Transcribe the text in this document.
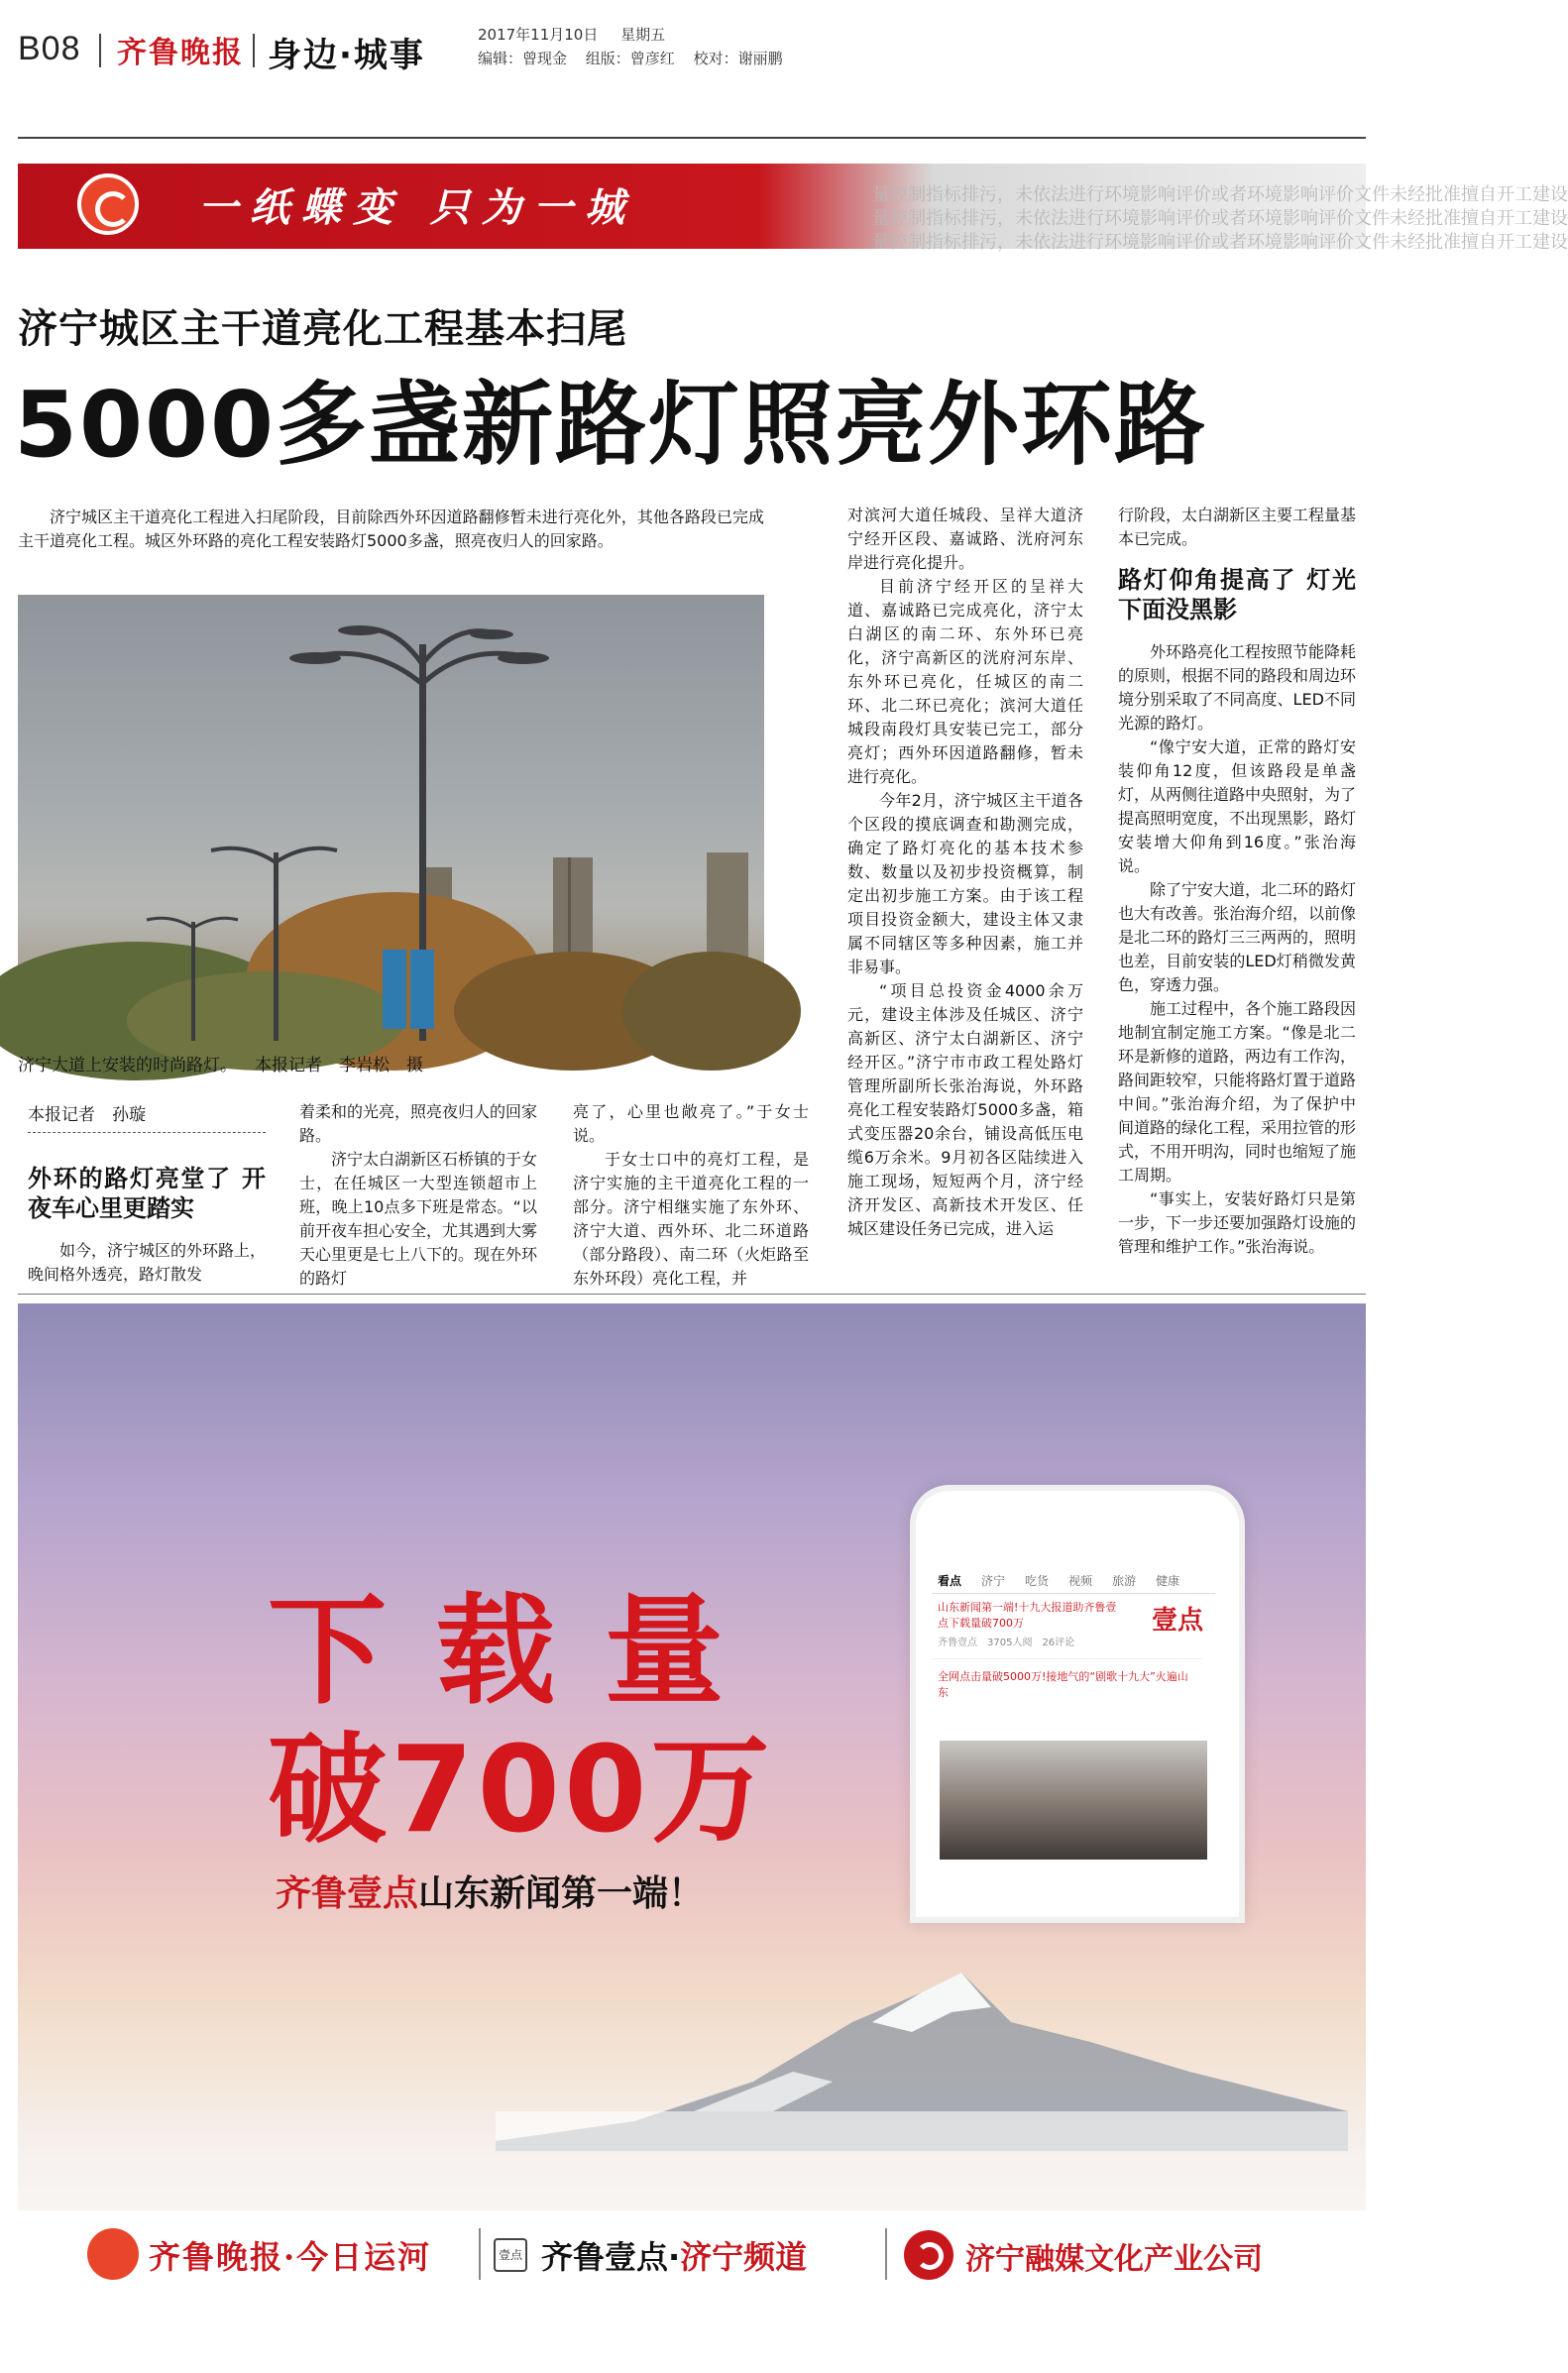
B08 齐鲁晚报 身边·城事
2017年11月10日 星期五
编辑：曾现金 组版：曾彦红 校对：谢丽鹏
量控制指标排污，未依法进行环境影响评价或者环境影响评价文件未经批准擅自开工建设
量控制指标排污，未依法进行环境影响评价或者环境影响评价文件未经批准擅自开工建设
量控制指标排污，未依法进行环境影响评价或者环境影响评价文件未经批准擅自开工建设
一纸蝶变 只为一城
济宁城区主干道亮化工程基本扫尾
5000多盏新路灯照亮外环路

济宁城区主干道亮化工程进入扫尾阶段，目前除西外环因道路翻修暂未进行亮化外，其他各路段已完成主干道亮化工程。城区外环路的亮化工程安装路灯5000多盏，照亮夜归人的回家路。

济宁大道上安装的时尚路灯。 本报记者　李岩松　摄
本报记者　孙璇
外环的路灯亮堂了 开夜车心里更踏实

如今，济宁城区的外环路上，晚间格外透亮，路灯散发

着柔和的光亮，照亮夜归人的回家路。

济宁太白湖新区石桥镇的于女士，在任城区一大型连锁超市上班，晚上10点多下班是常态。“以前开夜车担心安全，尤其遇到大雾天心里更是七上八下的。现在外环的路灯

亮了，心里也敞亮了。”于女士说。

于女士口中的亮灯工程，是济宁实施的主干道亮化工程的一部分。济宁相继实施了东外环、济宁大道、西外环、北二环道路（部分路段）、南二环（火炬路至东外环段）亮化工程，并

对滨河大道任城段、呈祥大道济宁经开区段、嘉诚路、洸府河东岸进行亮化提升。

目前济宁经开区的呈祥大道、嘉诚路已完成亮化，济宁太白湖区的南二环、东外环已亮化，济宁高新区的洸府河东岸、东外环已亮化，任城区的南二环、北二环已亮化；滨河大道任城段南段灯具安装已完工，部分亮灯；西外环因道路翻修，暂未进行亮化。

今年2月，济宁城区主干道各个区段的摸底调查和勘测完成，确定了路灯亮化的基本技术参数、数量以及初步投资概算，制定出初步施工方案。由于该工程项目投资金额大，建设主体又隶属不同辖区等多种因素，施工并非易事。

“项目总投资金4000余万元，建设主体涉及任城区、济宁高新区、济宁太白湖新区、济宁经开区。”济宁市市政工程处路灯管理所副所长张治海说，外环路亮化工程安装路灯5000多盏，箱式变压器20余台，铺设高低压电缆6万余米。9月初各区陆续进入施工现场，短短两个月，济宁经济开发区、高新技术开发区、任城区建设任务已完成，进入运

行阶段，太白湖新区主要工程量基本已完成。

路灯仰角提高了 灯光下面没黑影

外环路亮化工程按照节能降耗的原则，根据不同的路段和周边环境分别采取了不同高度、LED不同光源的路灯。

“像宁安大道，正常的路灯安装仰角12度，但该路段是单盏灯，从两侧往道路中央照射，为了提高照明宽度，不出现黑影，路灯安装增大仰角到16度。”张治海说。

除了宁安大道，北二环的路灯也大有改善。张治海介绍，以前像是北二环的路灯三三两两的，照明也差，目前安装的LED灯稍微发黄色，穿透力强。

施工过程中，各个施工路段因地制宜制定施工方案。“像是北二环是新修的道路，两边有工作沟，路间距较窄，只能将路灯置于道路中间。”张治海介绍，为了保护中间道路的绿化工程，采用拉管的形式，不用开明沟，同时也缩短了施工周期。

“事实上，安装好路灯只是第一步，下一步还要加强路灯设施的管理和维护工作。”张治海说。

下载量
破700万
齐鲁壹点山东新闻第一端！
看点 济宁 吃货 视频 旅游 健康
山东新闻第一端!十九大报道助齐鲁壹点下载量破700万
齐鲁壹点　3705人阅　26评论
壹点
全网点击量破5000万!接地气的“剧歌十九大”火遍山东
齐鲁晚报·今日运河	壹点 齐鲁壹点·济宁频道	济宁融媒文化产业公司
